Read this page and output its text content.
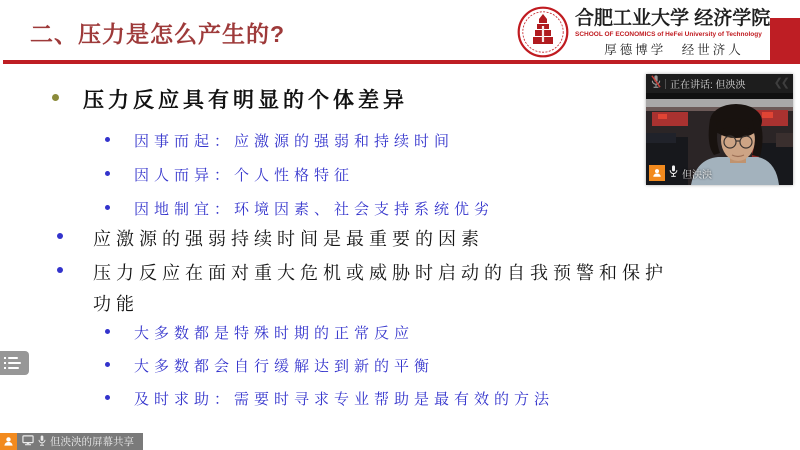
二、压力是怎么产生的?
合肥工业大学 经济学院
SCHOOL OF ECONOMICS of HeFei University of Technology
厚德博学　经世济人
压力反应具有明显的个体差异
因事而起：应激源的强弱和持续时间
因人而异：个人性格特征
因地制宜：环境因素、社会支持系统优劣
应激源的强弱持续时间是最重要的因素
压力反应在面对重大危机或威胁时启动的自我预警和保护功能
大多数都是特殊时期的正常反应
大多数都会自行缓解达到新的平衡
及时求助：需要时寻求专业帮助是最有效的方法
正在讲话: 但泱泱	❮❮
但泱泱
但泱泱的屏幕共享
